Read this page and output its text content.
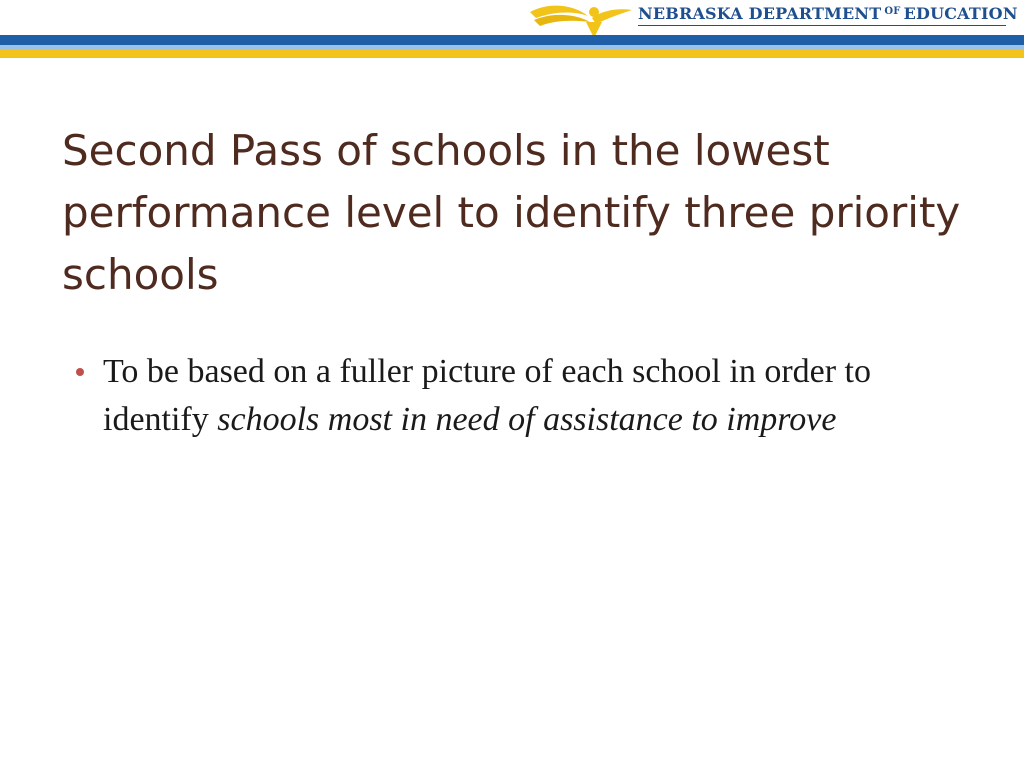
NEBRASKA DEPARTMENT $^{OF}$ EDUCATION
Second Pass of schools in the lowest performance level to identify three priority schools
To be based on a fuller picture of each school in order to identify schools most in need of assistance to improve
